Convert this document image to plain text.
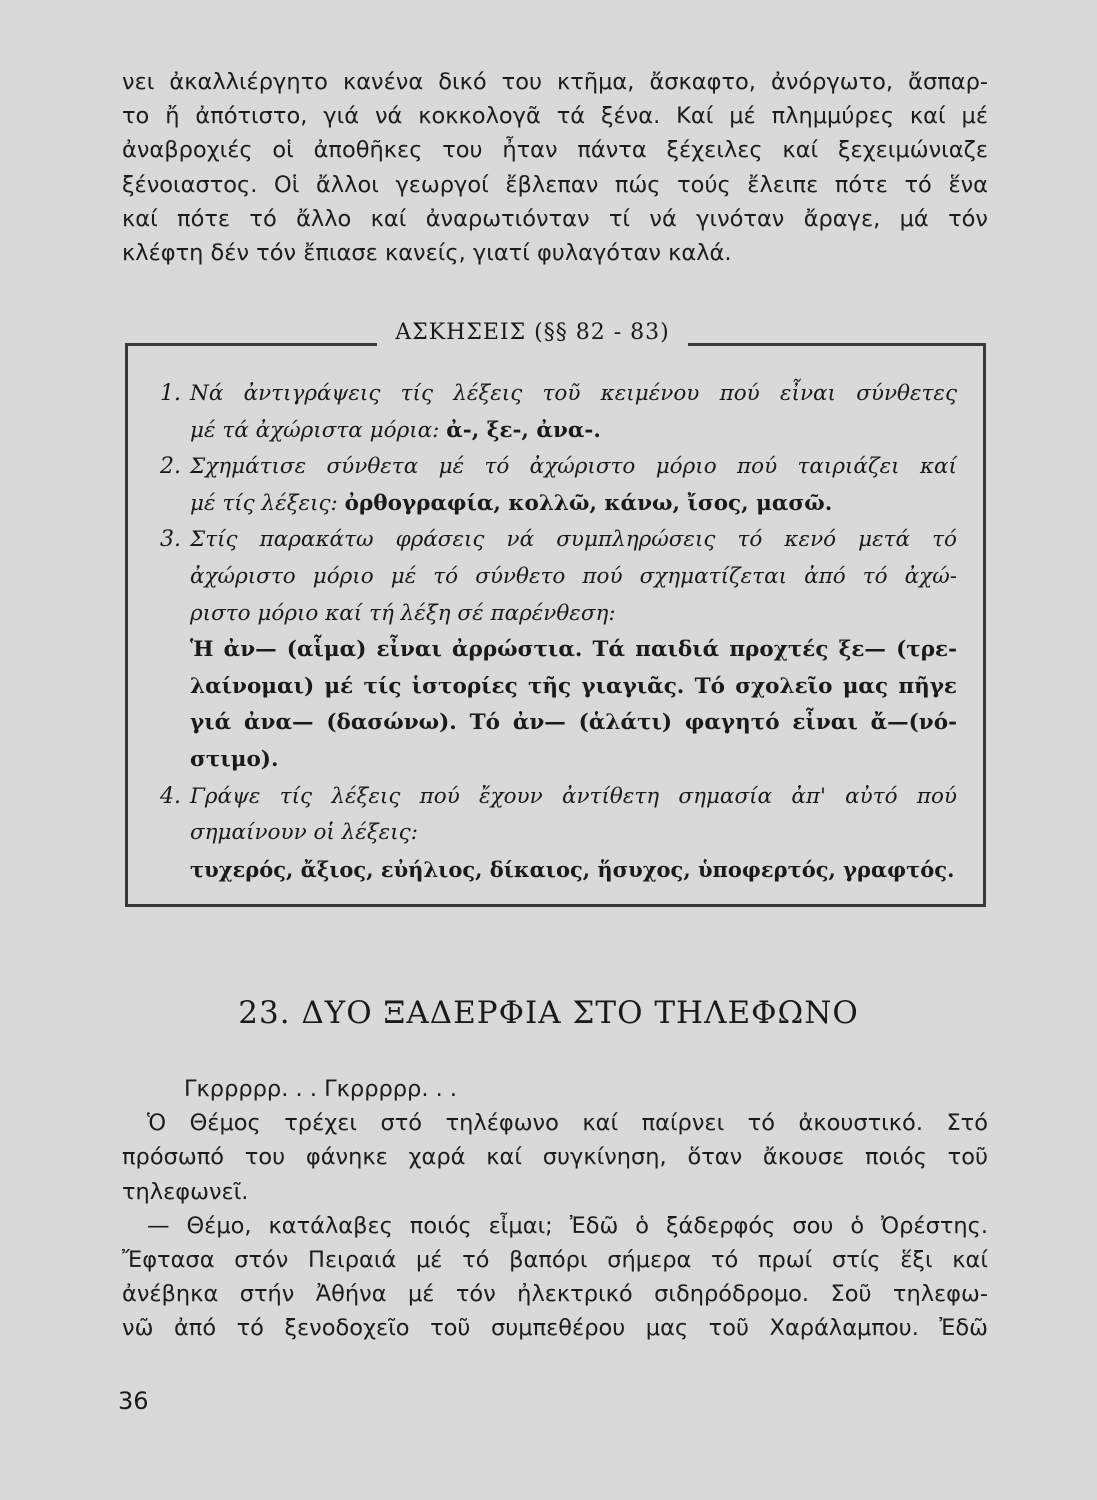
νει ἀκαλλιέργητο κανένα δικό του κτῆμα, ἄσκαφτο, ἀνόργωτο, ἄσπαρ-
το ἤ ἀπότιστο, γιά νά κοκκολογᾶ τά ξένα. Καί μέ πλημμύρες καί μέ
ἀναβροχιές οἱ ἀποθῆκες του ἦταν πάντα ξέχειλες καί ξεχειμώνιαζε
ξένοιαστος. Οἱ ἄλλοι γεωργοί ἔβλεπαν πώς τούς ἔλειπε πότε τό ἕνα
καί πότε τό ἄλλο καί ἀναρωτιόνταν τί νά γινόταν ἄραγε, μά τόν
κλέφτη δέν τόν ἔπιασε κανείς, γιατί φυλαγόταν καλά.
ΑΣΚΗΣΕΙΣ (§§ 82 - 83)
1. Νά ἀντιγράψεις τίς λέξεις τοῦ κειμένου πού εἶναι σύνθετες
μέ τά ἀχώριστα μόρια: ἀ-, ξε-, ἀνα-.
2. Σχημάτισε σύνθετα μέ τό ἀχώριστο μόριο πού ταιριάζει καί
μέ τίς λέξεις: ὀρθογραφία, κολλῶ, κάνω, ἴσος, μασῶ.
3. Στίς παρακάτω φράσεις νά συμπληρώσεις τό κενό μετά τό
ἀχώριστο μόριο μέ τό σύνθετο πού σχηματίζεται ἀπό τό ἀχώ-
ριστο μόριο καί τή λέξη σέ παρένθεση:
Ἡ ἀν— (αἷμα) εἶναι ἀρρώστια. Τά παιδιά προχτές ξε— (τρε-
λαίνομαι) μέ τίς ἱστορίες τῆς γιαγιᾶς. Τό σχολεῖο μας πῆγε
γιά ἀνα— (δασώνω). Τό ἀν— (ἁλάτι) φαγητό εἶναι ἄ—(νό-
στιμο).
4. Γράψε τίς λέξεις πού ἔχουν ἀντίθετη σημασία ἀπ' αὐτό πού
σημαίνουν οἱ λέξεις:
τυχερός, ἄξιος, εὐήλιος, δίκαιος, ἥσυχος, ὑποφερτός, γραφτός.
23. ΔΥΟ ΞΑΔΕΡΦΙΑ ΣΤΟ ΤΗΛΕΦΩΝΟ
Γκρρρρρ. . . Γκρρρρρ. . .
Ὁ Θέμος τρέχει στό τηλέφωνο καί παίρνει τό ἀκουστικό. Στό
πρόσωπό του φάνηκε χαρά καί συγκίνηση, ὅταν ἄκουσε ποιός τοῦ
τηλεφωνεῖ.
— Θέμο, κατάλαβες ποιός εἶμαι; Ἐδῶ ὁ ξάδερφός σου ὁ Ὀρέστης.
Ἔφτασα στόν Πειραιά μέ τό βαπόρι σήμερα τό πρωί στίς ἕξι καί
ἀνέβηκα στήν Ἀθήνα μέ τόν ἠλεκτρικό σιδηρόδρομο. Σοῦ τηλεφω-
νῶ ἀπό τό ξενοδοχεῖο τοῦ συμπεθέρου μας τοῦ Χαράλαμπου. Ἐδῶ
36
